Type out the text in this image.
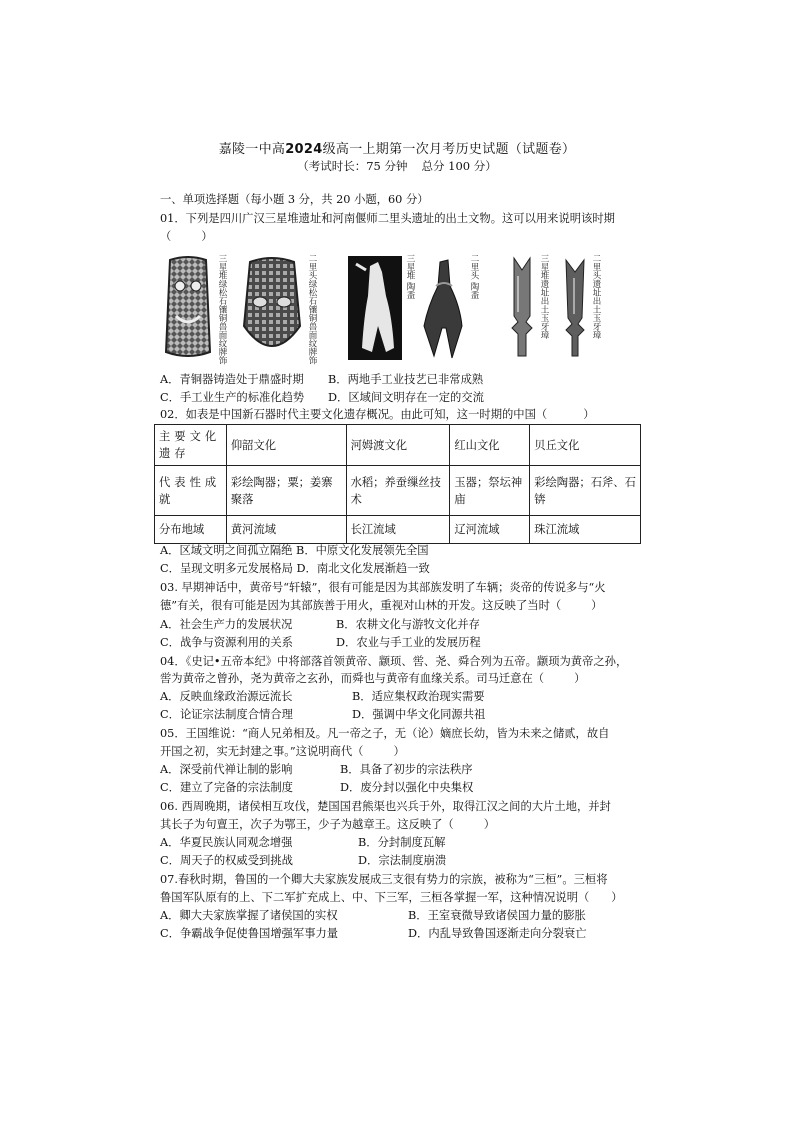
嘉陵一中高2024级高一上期第一次月考历史试题（试题卷）
（考试时长：75 分钟 总分 100 分）
一、单项选择题（每小题 3 分，共 20 小题，60 分）
01．下列是四川广汉三星堆遗址和河南偃师二里头遗址的出土文物。这可以用来说明该时期
（	）
三星堆绿松石镶铜兽面纹牌饰	二里头绿松石镶铜兽面纹牌饰	三星堆 陶盉	二里头 陶盉	三星堆遗址出土玉牙璋	二里头遗址出土玉牙璋
A．青铜器铸造处于鼎盛时期 B．两地手工业技艺已非常成熟
C．手工业生产的标准化趋势 D．区域间文明存在一定的交流
02．如表是中国新石器时代主要文化遗存概况。由此可知，这一时期的中国（	）
主要文化遗存	仰韶文化	河姆渡文化	红山文化	贝丘文化
代表性成就	彩绘陶器；粟；姜寨聚落	水稻；养蚕缫丝技术	玉器；祭坛神庙	彩绘陶器；石斧、石锛
分布地域	黄河流域	长江流域	辽河流域	珠江流域
A．区域文明之间孤立隔绝 B．中原文化发展领先全国
C．呈现文明多元发展格局 D．南北文化发展渐趋一致
03. 早期神话中，黄帝号“轩辕”，很有可能是因为其部族发明了车辆；炎帝的传说多与“火
德”有关，很有可能是因为其部族善于用火，重视对山林的开发。这反映了当时（	）
A．社会生产力的发展状况	B．农耕文化与游牧文化并存
C．战争与资源利用的关系	D．农业与手工业的发展历程
04．《史记•五帝本纪》中将部落首领黄帝、颛顼、喾、尧、舜合列为五帝。颛顼为黄帝之孙，
喾为黄帝之曾孙，尧为黄帝之玄孙，而舜也与黄帝有血缘关系。司马迁意在（	）
A．反映血缘政治源远流长	B．适应集权政治现实需要
C．论证宗法制度合情合理	D．强调中华文化同源共祖
05．王国维说：“商人兄弟相及。凡一帝之子，无（论）嫡庶长幼，皆为未来之储贰，故自
开国之初，实无封建之事。”这说明商代（	）
A．深受前代禅让制的影响	B．具备了初步的宗法秩序
C．建立了完备的宗法制度	D．废分封以强化中央集权
06. 西周晚期，诸侯相互攻伐，楚国国君熊渠也兴兵于外，取得江汉之间的大片土地，并封
其长子为句亶王，次子为鄂王，少子为越章王。这反映了（	）
A．华夏民族认同观念增强	B．分封制度瓦解
C．周天子的权威受到挑战	D．宗法制度崩溃
07.春秋时期，鲁国的一个卿大夫家族发展成三支很有势力的宗族，被称为“三桓”。三桓将
鲁国军队原有的上、下二军扩充成上、中、下三军，三桓各掌握一军，这种情况说明（ ）
A．卿大夫家族掌握了诸侯国的实权	B．王室衰微导致诸侯国力量的膨胀
C．争霸战争促使鲁国增强军事力量	D．内乱导致鲁国逐渐走向分裂衰亡
